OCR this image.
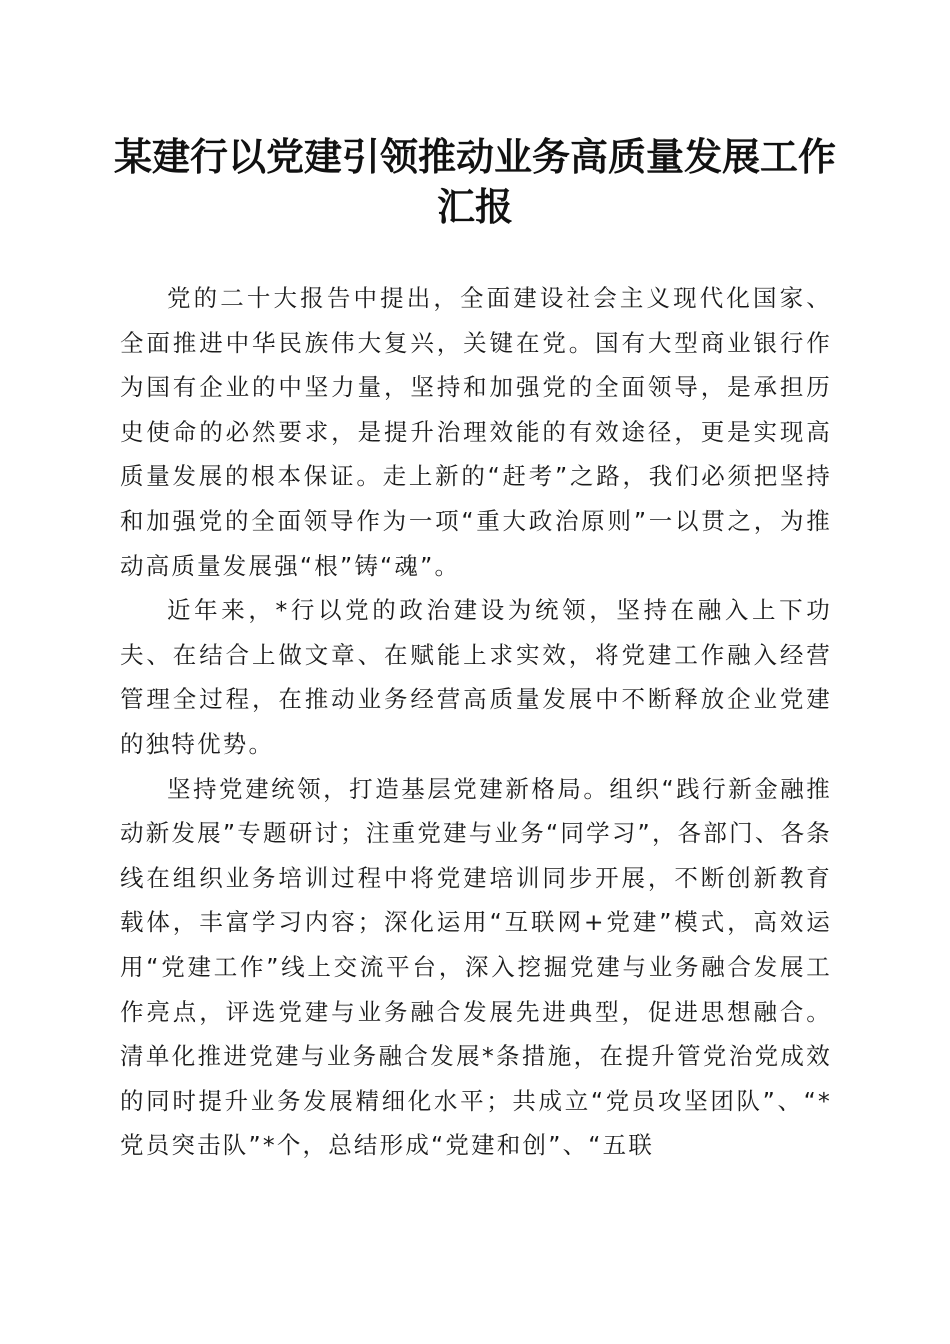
某建行以党建引领推动业务高质量发展工作汇报

党的二十大报告中提出，全面建设社会主义现代化国家、全面推进中华民族伟大复兴，关键在党。国有大型商业银行作为国有企业的中坚力量，坚持和加强党的全面领导，是承担历史使命的必然要求，是提升治理效能的有效途径，更是实现高质量发展的根本保证。走上新的“赶考”之路，我们必须把坚持和加强党的全面领导作为一项“重大政治原则”一以贯之，为推动高质量发展强“根”铸“魂”。

近年来，*行以党的政治建设为统领，坚持在融入上下功夫、在结合上做文章、在赋能上求实效，将党建工作融入经营管理全过程，在推动业务经营高质量发展中不断释放企业党建的独特优势。

坚持党建统领，打造基层党建新格局。组织“践行新金融推动新发展”专题研讨；注重党建与业务“同学习”，各部门、各条线在组织业务培训过程中将党建培训同步开展，不断创新教育载体，丰富学习内容；深化运用“互联网+党建”模式，高效运用“党建工作”线上交流平台，深入挖掘党建与业务融合发展工作亮点，评选党建与业务融合发展先进典型，促进思想融合。清单化推进党建与业务融合发展*条措施，在提升管党治党成效的同时提升业务发展精细化水平；共成立“党员攻坚团队”、“*党员突击队”*个，总结形成“党建和创”、“五联
